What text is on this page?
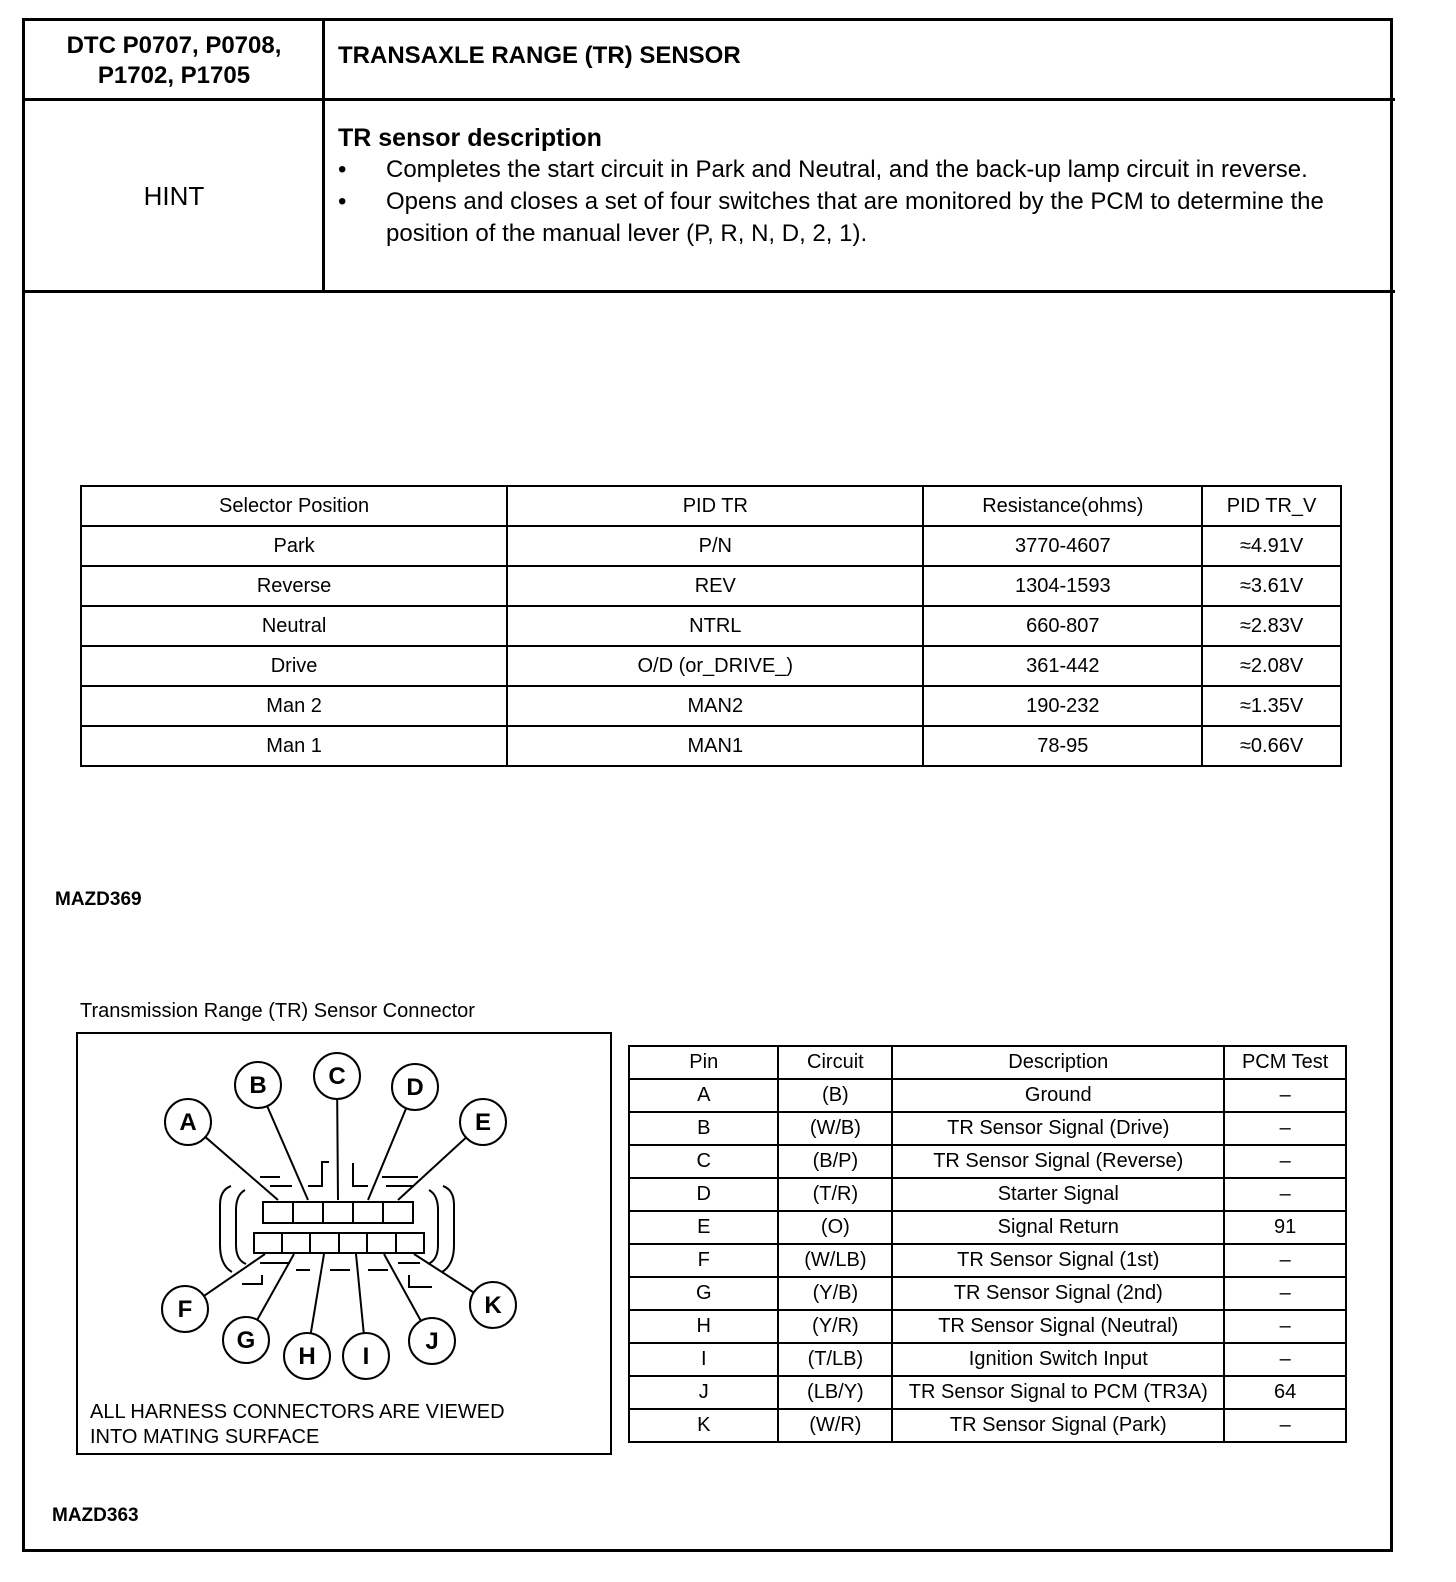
DTC P0707, P0708,
P1702, P1705
TRANSAXLE RANGE (TR) SENSOR
HINT
TR sensor description
• Completes the start circuit in Park and Neutral, and the back-up lamp circuit in reverse.
• Opens and closes a set of four switches that are monitored by the PCM to determine the position of the manual lever (P, R, N, D, 2, 1).
Selector Position	PID TR	Resistance(ohms)	PID TR_V
Park	P/N	3770-4607	≈4.91V
Reverse	REV	1304-1593	≈3.61V
Neutral	NTRL	660-807	≈2.83V
Drive	O/D (or_DRIVE_)	361-442	≈2.08V
Man 2	MAN2	190-232	≈1.35V
Man 1	MAN1	78-95	≈0.66V
MAZD369
Transmission Range (TR) Sensor Connector
A
B	C	D
E
F
G
H I
J
K
ALL HARNESS CONNECTORS ARE VIEWED
INTO MATING SURFACE
Pin	Circuit	Description	PCM Test
A	(B)	Ground	–
B	(W/B)	TR Sensor Signal (Drive)	–
C	(B/P)	TR Sensor Signal (Reverse)	–
D	(T/R)	Starter Signal	–
E	(O)	Signal Return	91
F	(W/LB)	TR Sensor Signal (1st)	–
G	(Y/B)	TR Sensor Signal (2nd)	–
H	(Y/R)	TR Sensor Signal (Neutral)	–
I	(T/LB)	Ignition Switch Input	–
J	(LB/Y)	TR Sensor Signal to PCM (TR3A)	64
K	(W/R)	TR Sensor Signal (Park)	–
MAZD363
